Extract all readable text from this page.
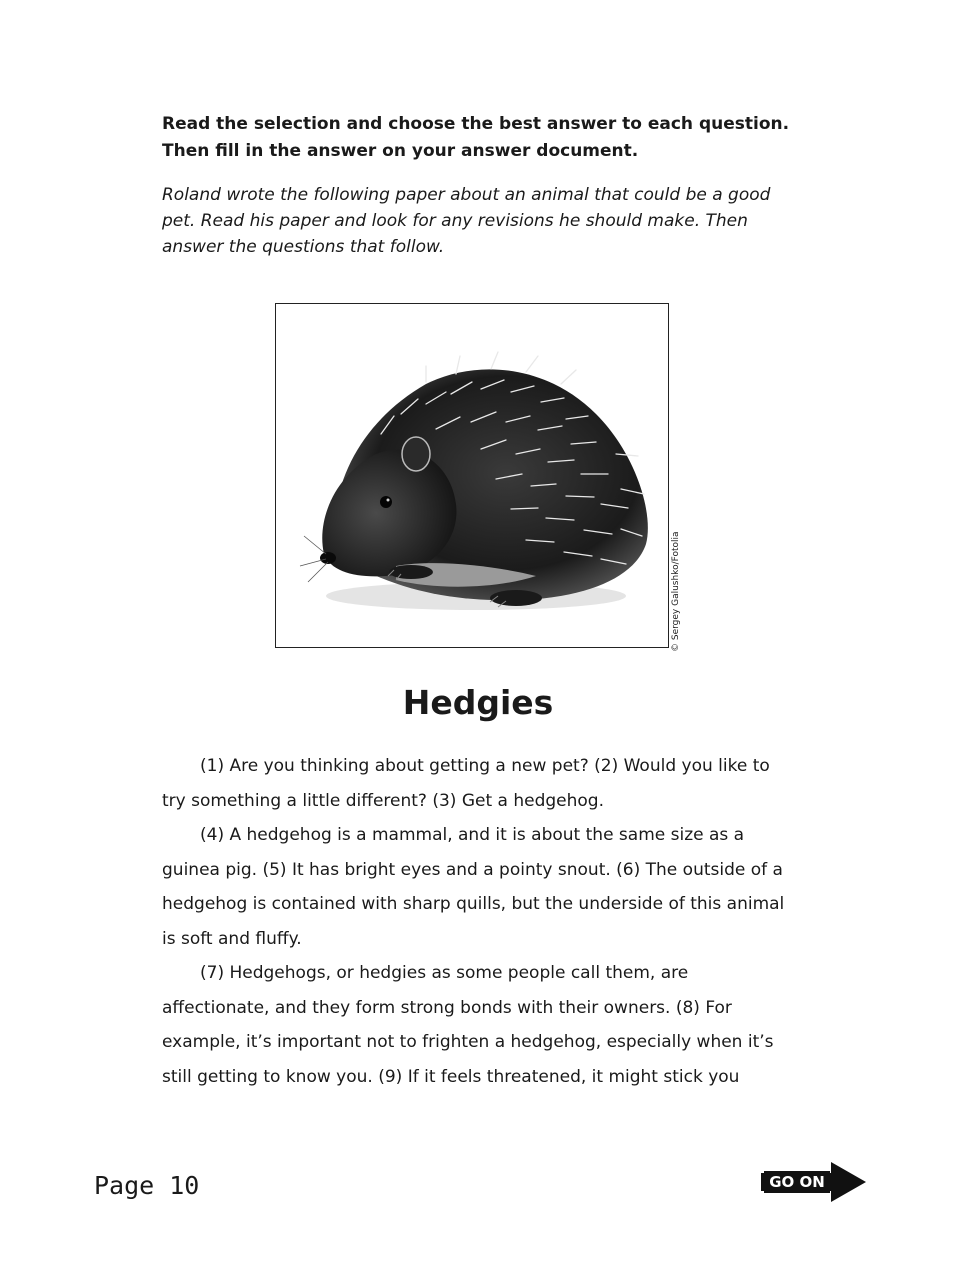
Read the selection and choose the best answer to each question.
Then fill in the answer on your answer document.

Roland wrote the following paper about an animal that could be a good pet. Read his paper and look for any revisions he should make. Then answer the questions that follow.

© Sergey Galushko/Fotolia
Hedgies

(1) Are you thinking about getting a new pet? (2) Would you like to try something a little different? (3) Get a hedgehog.

(4) A hedgehog is a mammal, and it is about the same size as a guinea pig. (5) It has bright eyes and a pointy snout. (6) The outside of a hedgehog is contained with sharp quills, but the underside of this animal is soft and fluffy.

(7) Hedgehogs, or hedgies as some people call them, are affectionate, and they form strong bonds with their owners. (8) For example, it’s important not to frighten a hedgehog, especially when it’s still getting to know you. (9) If it feels threatened, it might stick you

Page 10	GO ON
